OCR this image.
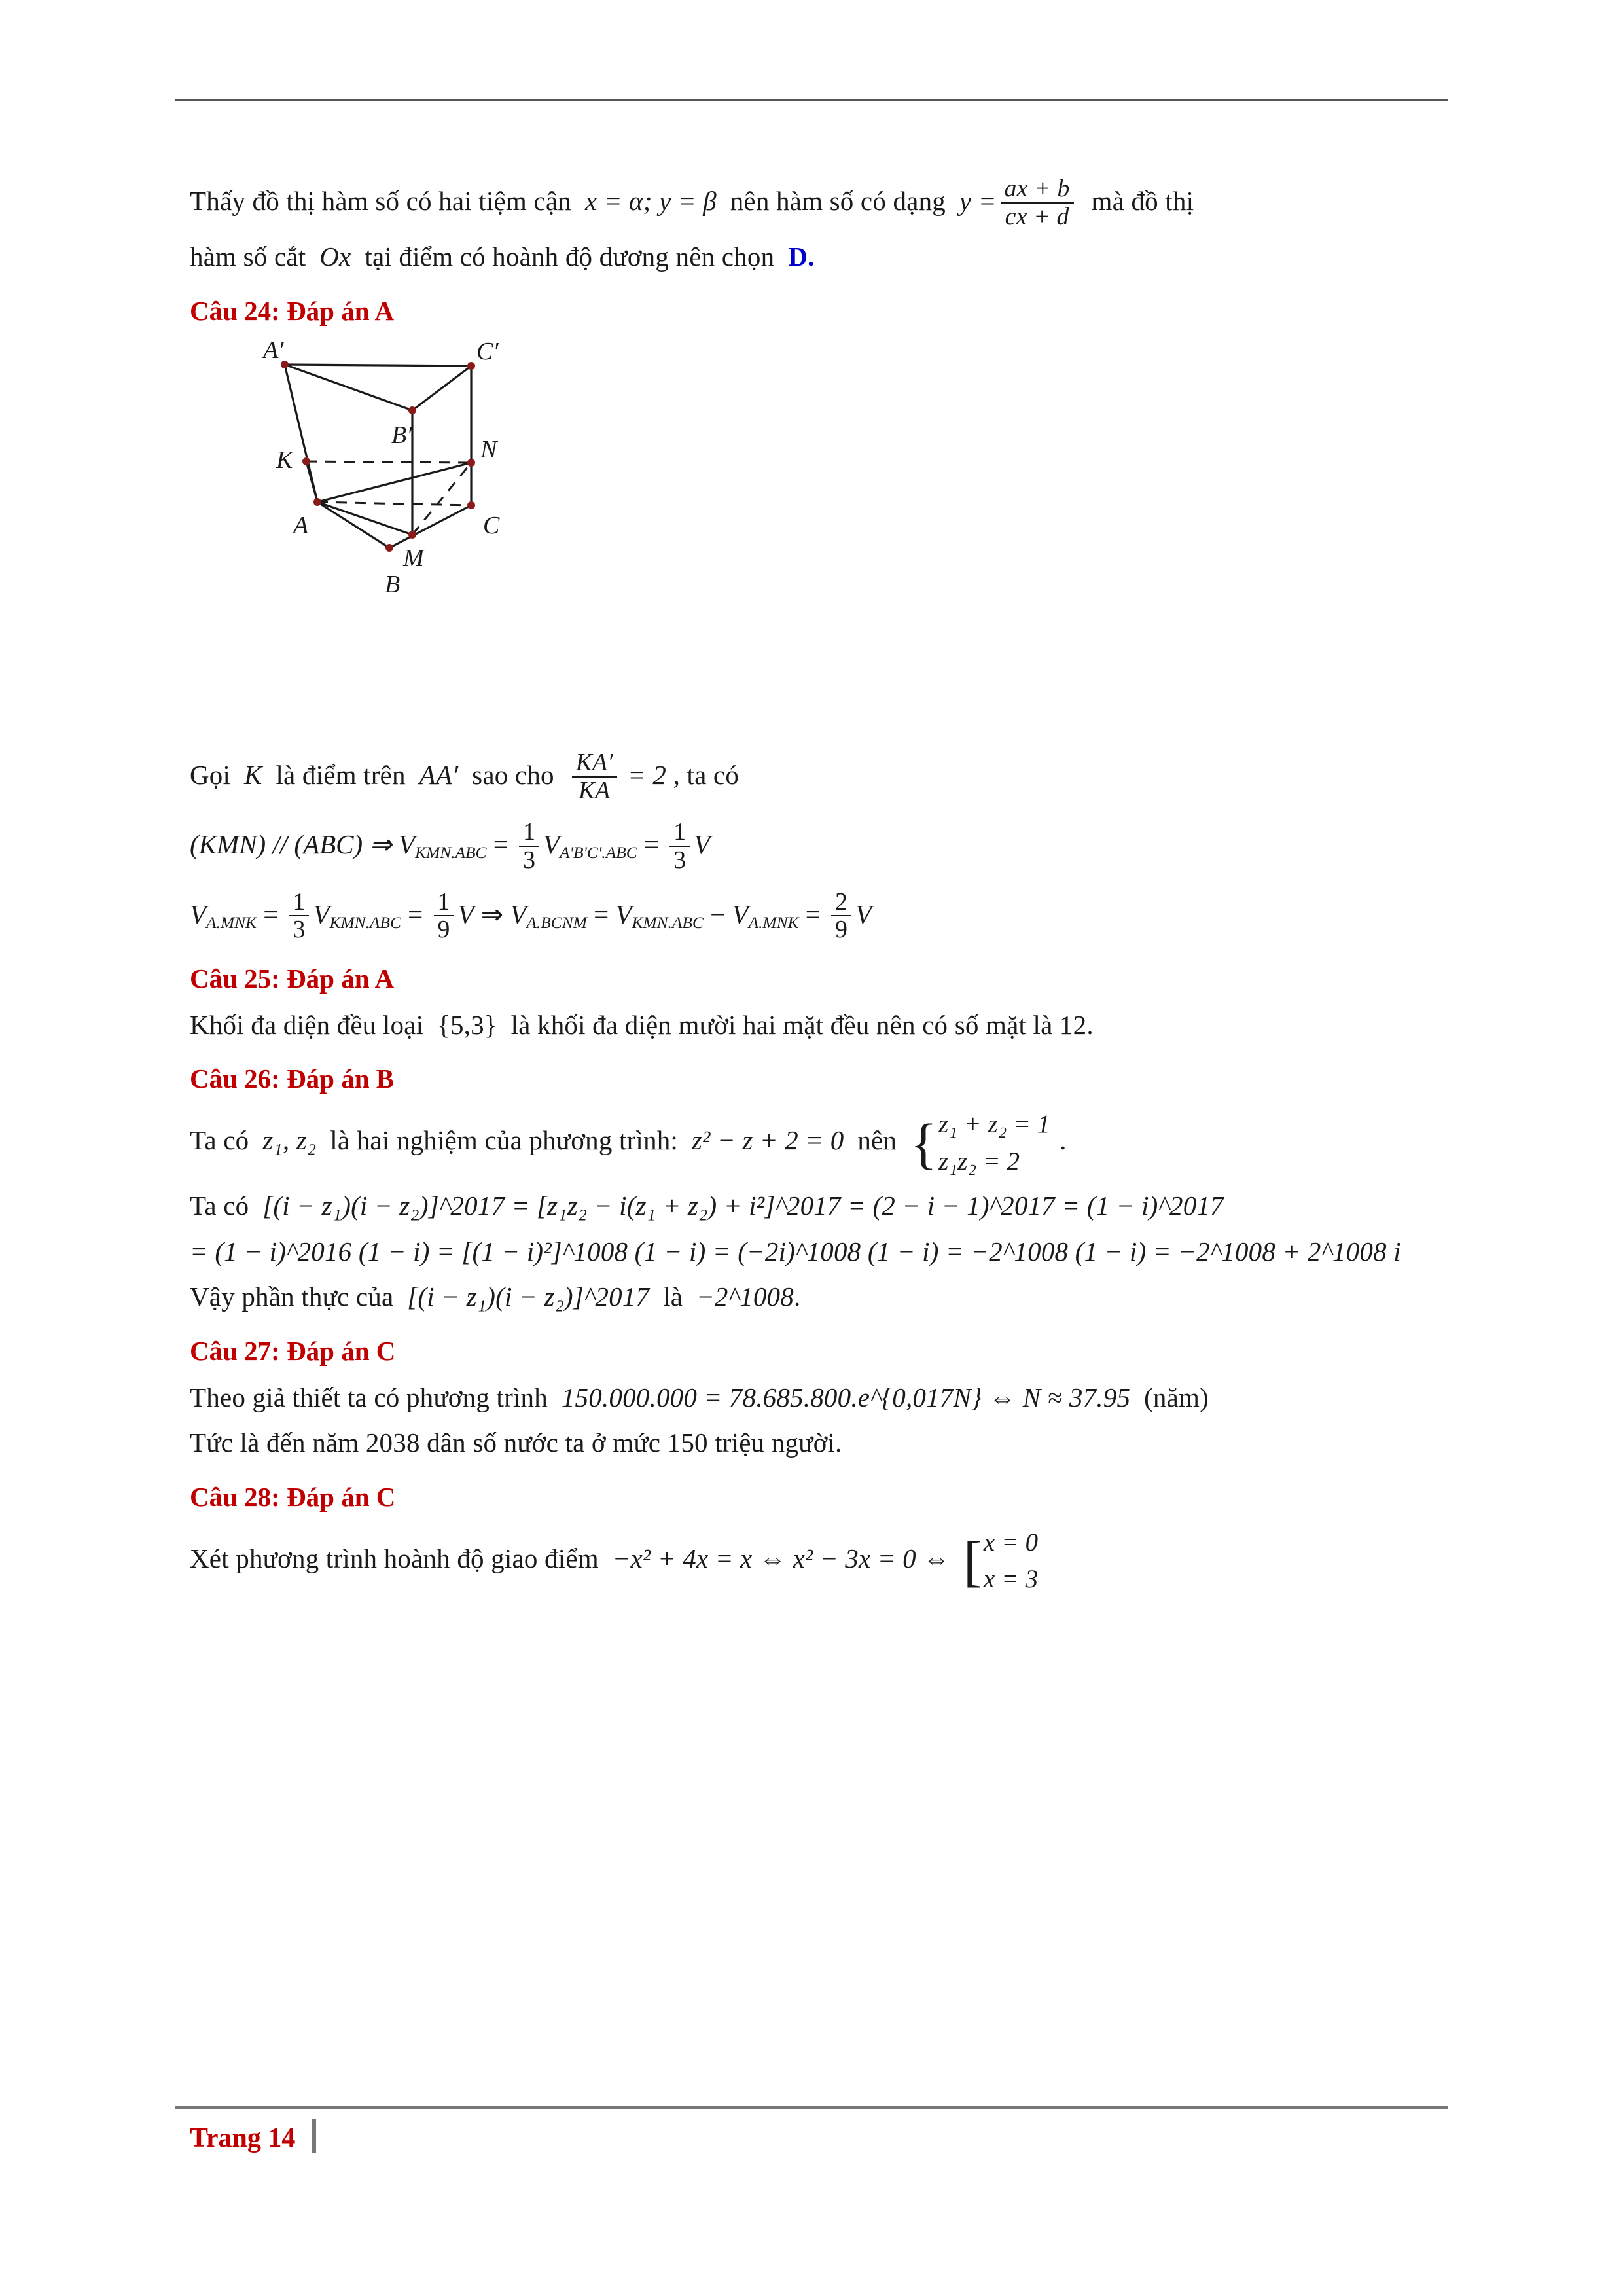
Thấy đồ thị hàm số có hai tiệm cận x = α; y = β nên hàm số có dạng $y = \frac{ax + b}{cx + d}$ mà đồ thị

hàm số cắt Ox tại điểm có hoành độ dương nên chọn D.

Câu 24: Đáp án A
A′	C′
B′
K	N
A
M
C
B

Gọi K là điểm trên AA′ sao cho $\frac{KA'}{KA} = 2$ , ta có

(KMN) // (ABC) ⇒ $V_{KMN.ABC} = \frac{1}{3} V_{A'B'C'.ABC} = \frac{1}{3}$ V
$V_{A.MNK} = \frac{1}{3} V_{KMN.ABC} = \frac{1}{9}$ V ⇒ $V_{A.BCNM} = V_{KMN.ABC} - V_{A.MNK} = \frac{2}{9}$ V
Câu 25: Đáp án A

Khối đa diện đều loại {5,3} là khối đa diện mười hai mặt đều nên có số mặt là 12.

Câu 26: Đáp án B

Ta có z₁, z₂ là hai nghiệm của phương trình: z² − z + 2 = 0 nên {z₁ + z₂ = 1
z₁z₂ = 2 .

Ta có [(i − z₁)(i − z₂)]^2017 = [z₁z₂ − i(z₁ + z₂) + i²]^2017 = (2 − i − 1)^2017 = (1 − i)^2017

= (1 − i)^2016 (1 − i) = [(1 − i)²]^1008 (1 − i) = (−2i)^1008 (1 − i) = −2^1008 (1 − i) = −2^1008 + 2^1008 i

Vậy phần thực của [(i − z₁)(i − z₂)]^2017 là −2^1008.

Câu 27: Đáp án C

Theo giả thiết ta có phương trình 150.000.000 = 78.685.800.e^{0,017N} ⇔ N ≈ 37.95 (năm)

Tức là đến năm 2038 dân số nước ta ở mức 150 triệu người.

Câu 28: Đáp án C

Xét phương trình hoành độ giao điểm −x² + 4x = x ⇔ x² − 3x = 0 ⇔ [x = 0
x = 3

Trang 14
